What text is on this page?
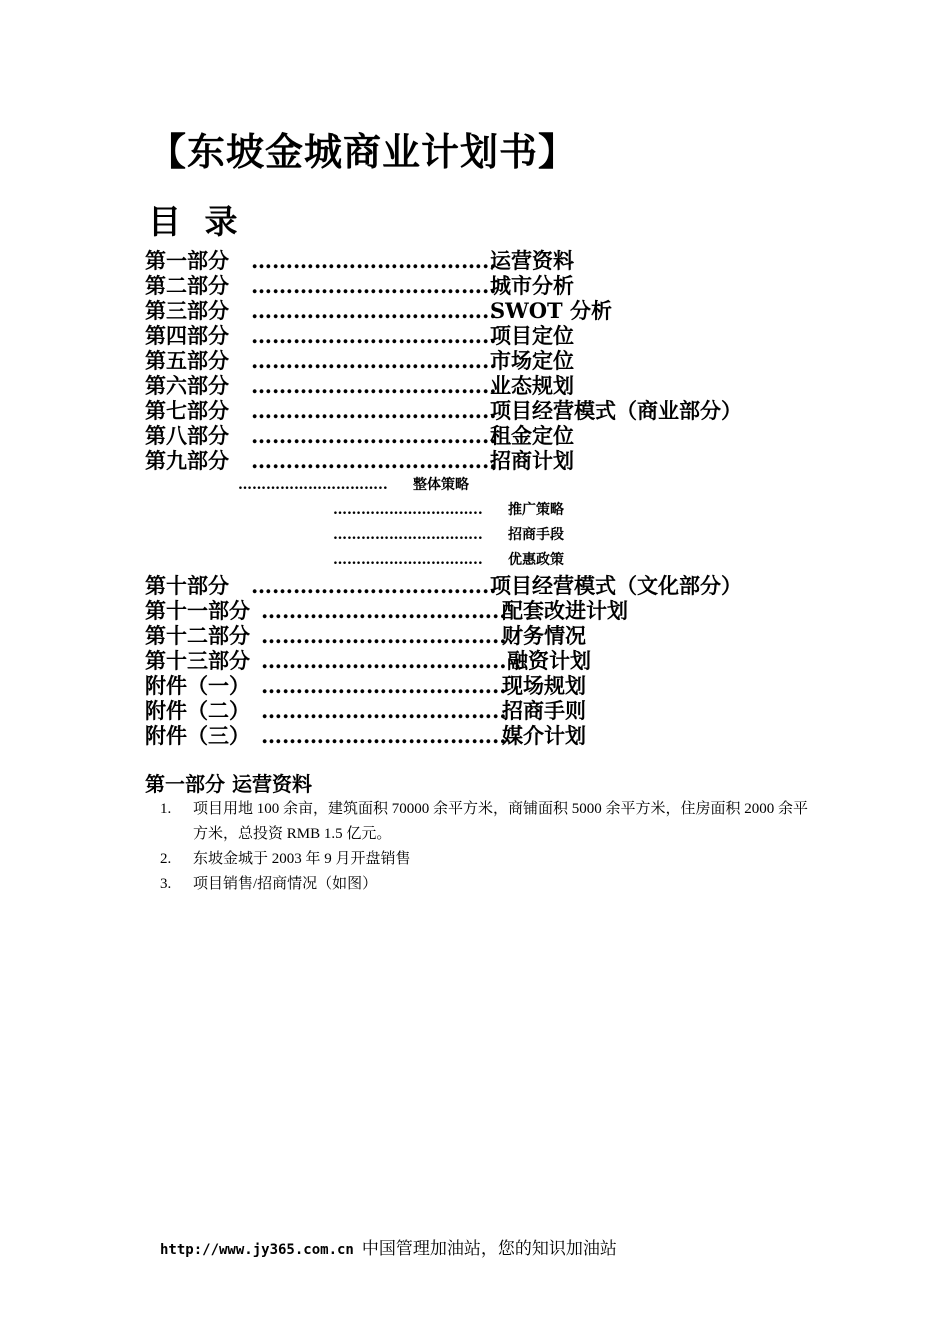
【东坡金城商业计划书】
目 录
第一部分 ……………………………..
运营资料
第二部分 ……………………………..
城市分析
第三部分 ……………………………..
SWOT 分析
第四部分 ……………………………..
项目定位
第五部分 ……………………………..
市场定位
第六部分 ……………………………..
业态规划
第七部分 ……………………………..
项目经营模式（商业部分）
第八部分 ……………………………..
租金定位
第九部分 ……………………………..
招商计划
………………………….. 整体策略
………………………….. 推广策略
………………………….. 招商手段
………………………….. 优惠政策
第十部分 ……………………………..
项目经营模式（文化部分）
第十一部分 ……………………………..
配套改进计划
第十二部分 ……………………………..
财务情况
第十三部分 …………………………….. .
融资计划
附件（一） ……………………………..
现场规划
附件（二） ……………………………..
招商手则
附件（三） ……………………………..
媒介计划
第一部分 运营资料
1. 项目用地 100 余亩，建筑面积 70000 余平方米，商铺面积 5000 余平方米，住房面积 2000 余平方米，总投资 RMB 1.5 亿元。
2. 东坡金城于 2003 年 9 月开盘销售
3. 项目销售/招商情况（如图）
http://www.jy365.com.cn 中国管理加油站，您的知识加油站
